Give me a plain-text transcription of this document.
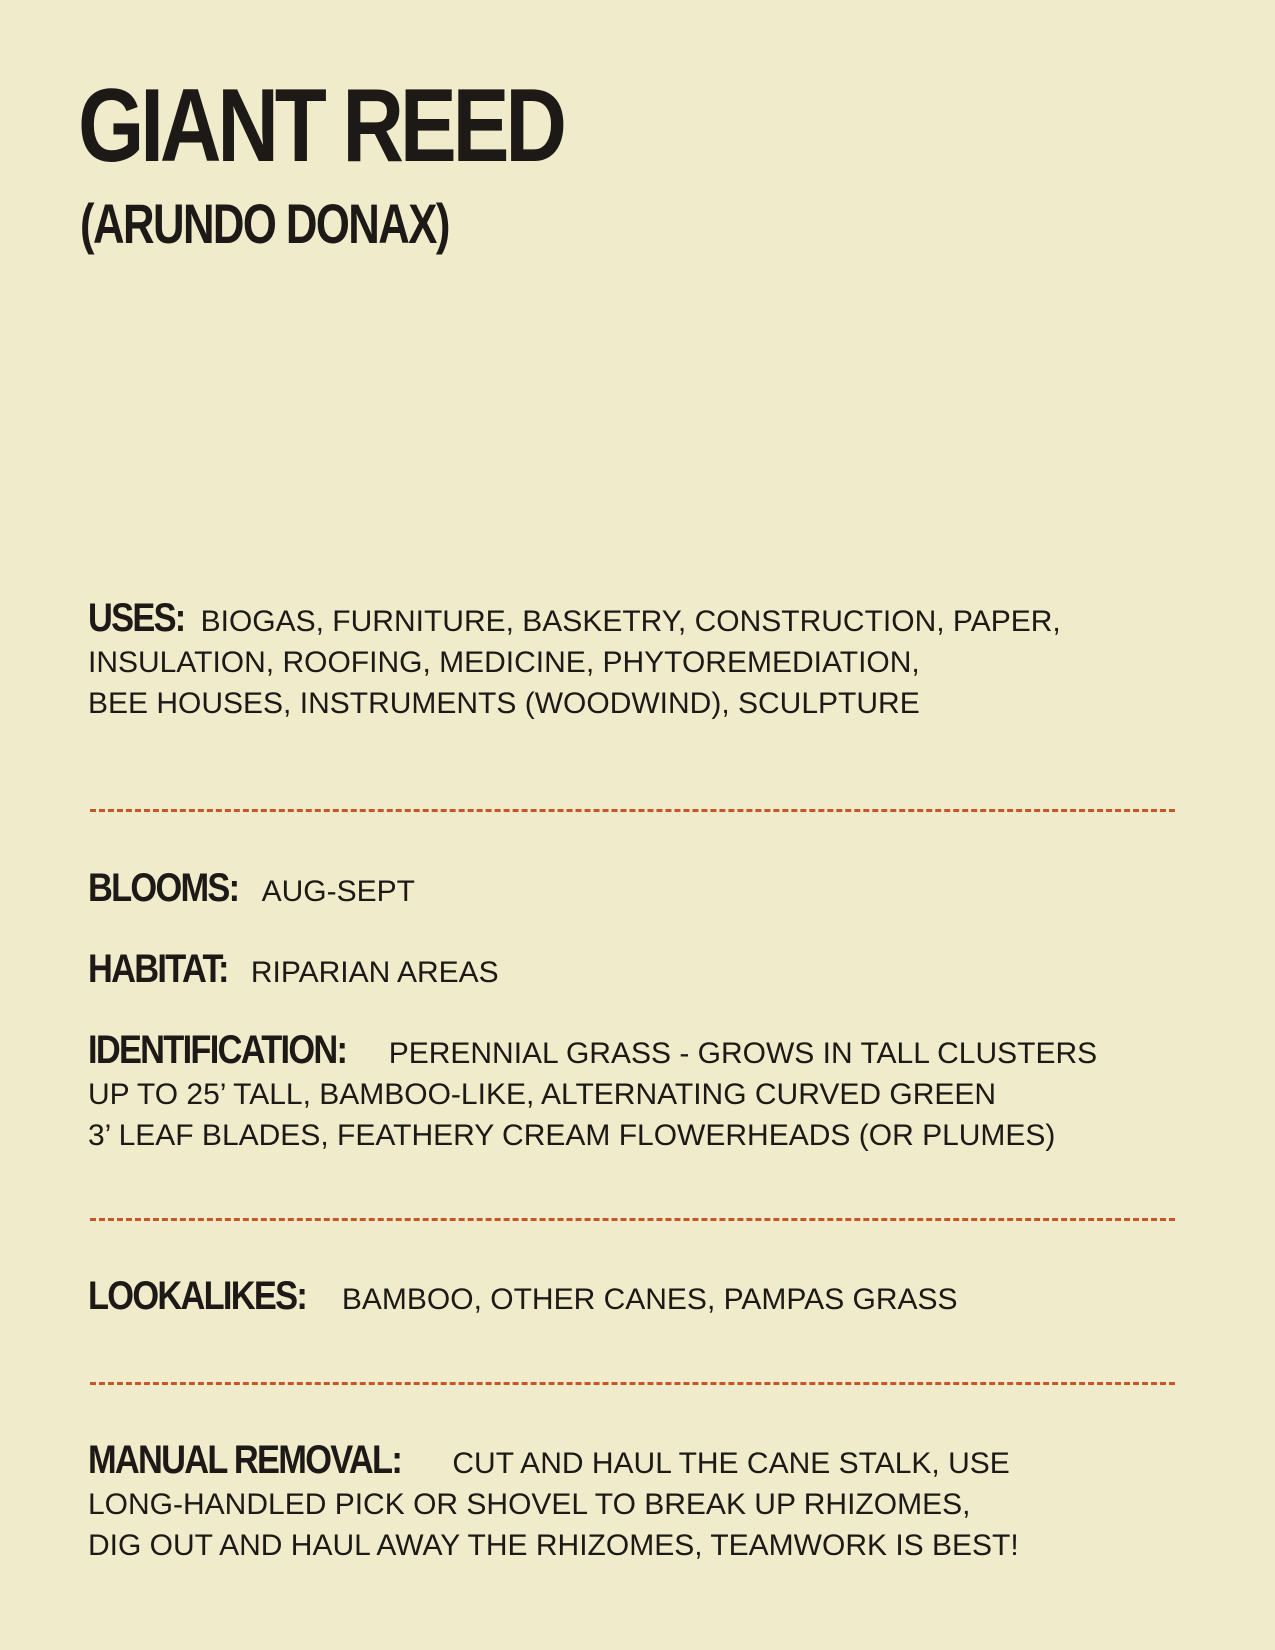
GIANT REED
(ARUNDO DONAX)
USES: BIOGAS, FURNITURE, BASKETRY, CONSTRUCTION, PAPER,
INSULATION, ROOFING, MEDICINE, PHYTOREMEDIATION,
BEE HOUSES, INSTRUMENTS (WOODWIND), SCULPTURE
BLOOMS: AUG-SEPT
HABITAT: RIPARIAN AREAS
IDENTIFICATION: PERENNIAL GRASS - GROWS IN TALL CLUSTERS
UP TO 25’ TALL, BAMBOO-LIKE, ALTERNATING CURVED GREEN
3’ LEAF BLADES, FEATHERY CREAM FLOWERHEADS (OR PLUMES)
LOOKALIKES: BAMBOO, OTHER CANES, PAMPAS GRASS
MANUAL REMOVAL: CUT AND HAUL THE CANE STALK, USE
LONG-HANDLED PICK OR SHOVEL TO BREAK UP RHIZOMES,
DIG OUT AND HAUL AWAY THE RHIZOMES, TEAMWORK IS BEST!
